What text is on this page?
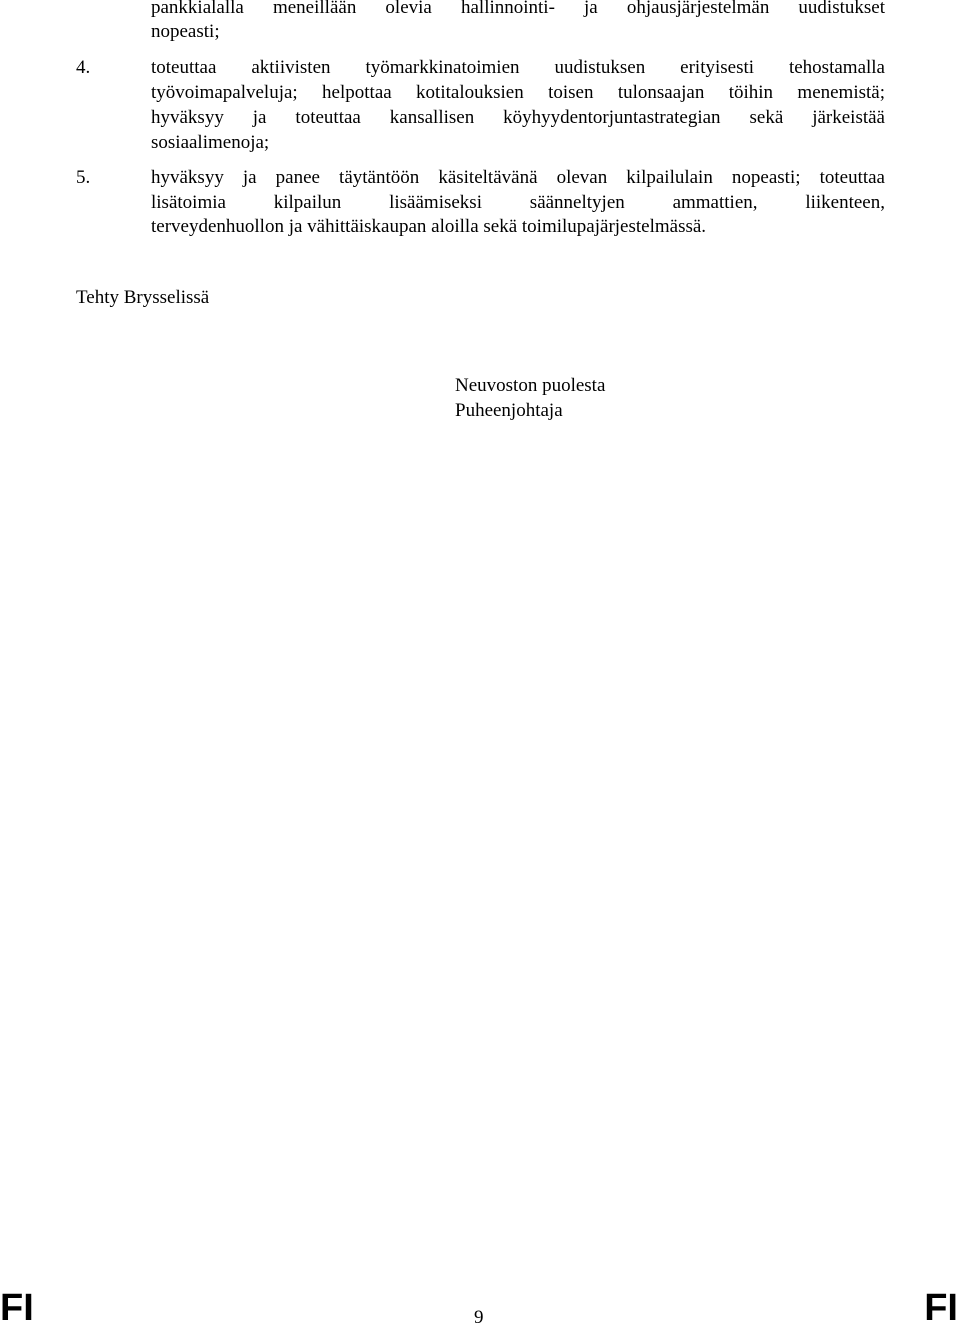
pankkialalla meneillään olevia hallinnointi- ja ohjausjärjestelmän uudistukset
nopeasti;
4.	toteuttaa aktiivisten työmarkkinatoimien uudistuksen erityisesti tehostamalla
työvoimapalveluja; helpottaa kotitalouksien toisen tulonsaajan töihin menemistä;
hyväksyy ja toteuttaa kansallisen köyhyydentorjuntastrategian sekä järkeistää
sosiaalimenoja;
5.	hyväksyy ja panee täytäntöön käsiteltävänä olevan kilpailulain nopeasti; toteuttaa
lisätoimia kilpailun lisäämiseksi säänneltyjen ammattien, liikenteen,
terveydenhuollon ja vähittäiskaupan aloilla sekä toimilupajärjestelmässä.
Tehty Brysselissä
Neuvoston puolesta
Puheenjohtaja
FI	9	FI
